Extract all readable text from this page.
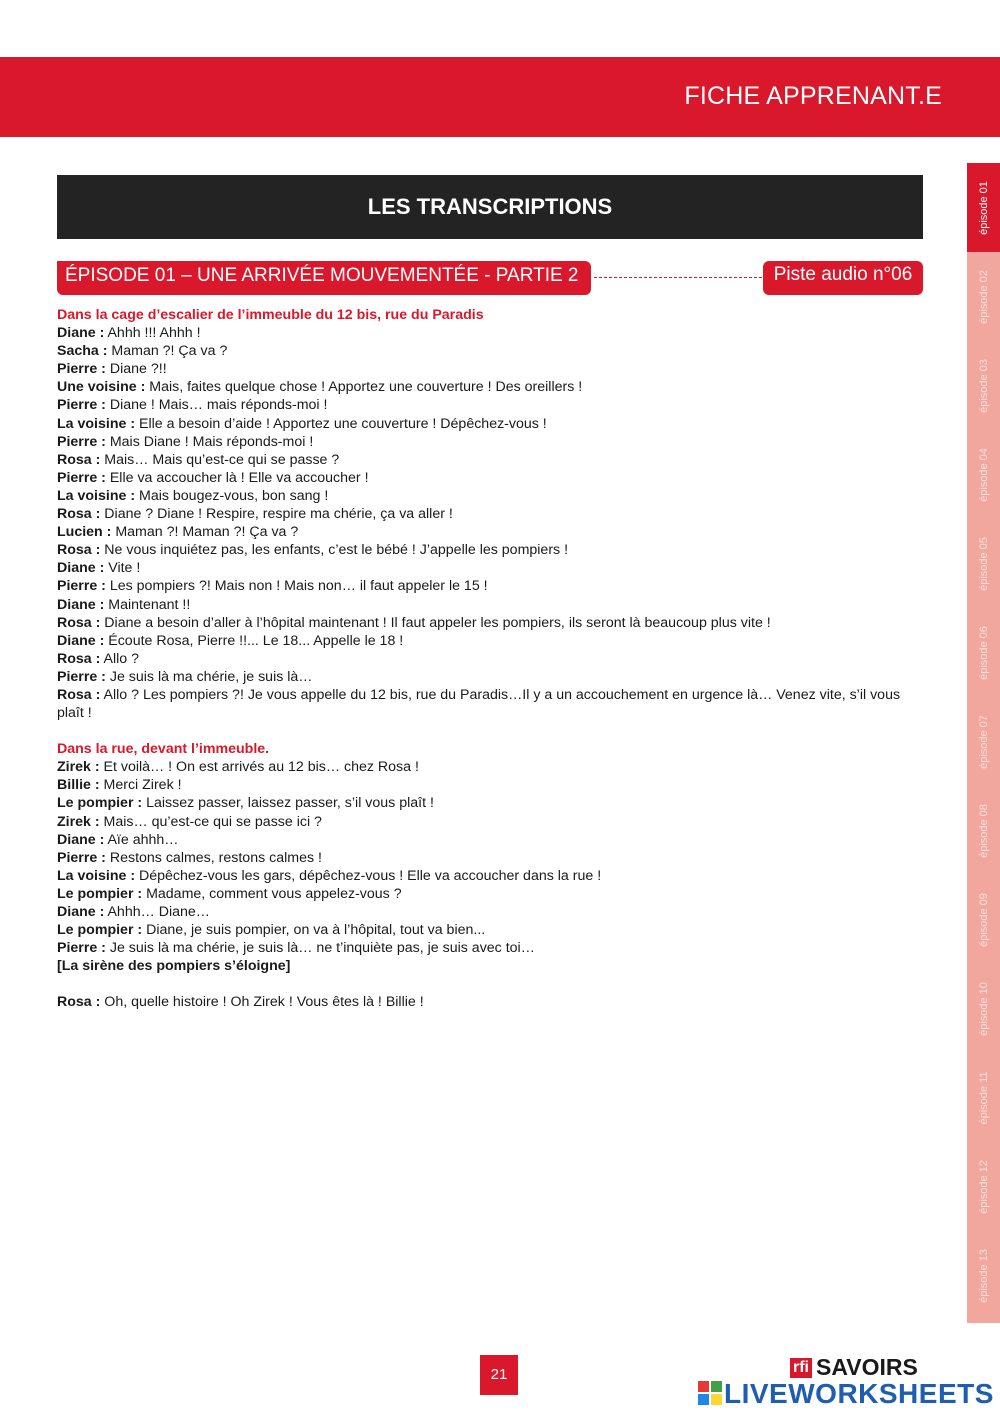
FICHE APPRENANT.E
LES TRANSCRIPTIONS
ÉPISODE 01 – UNE ARRIVÉE MOUVEMENTÉE - PARTIE 2	Piste audio n°06
Dans la cage d’escalier de l’immeuble du 12 bis, rue du Paradis
Diane : Ahhh !!! Ahhh !
Sacha : Maman ?! Ça va ?
Pierre : Diane ?!!
Une voisine : Mais, faites quelque chose ! Apportez une couverture ! Des oreillers !
Pierre : Diane ! Mais… mais réponds-moi !
La voisine : Elle a besoin d’aide ! Apportez une couverture ! Dépêchez-vous !
Pierre : Mais Diane ! Mais réponds-moi !
Rosa : Mais… Mais qu’est-ce qui se passe ?
Pierre : Elle va accoucher là ! Elle va accoucher !
La voisine : Mais bougez-vous, bon sang !
Rosa : Diane ? Diane ! Respire, respire ma chérie, ça va aller !
Lucien : Maman ?! Maman ?! Ça va ?
Rosa : Ne vous inquiétez pas, les enfants, c’est le bébé ! J’appelle les pompiers !
Diane : Vite !
Pierre : Les pompiers ?! Mais non ! Mais non… il faut appeler le 15 !
Diane : Maintenant !!
Rosa : Diane a besoin d’aller à l’hôpital maintenant ! Il faut appeler les pompiers, ils seront là beaucoup plus vite !
Diane : Écoute Rosa, Pierre !!... Le 18... Appelle le 18 !
Rosa : Allo ?
Pierre : Je suis là ma chérie, je suis là…
Rosa : Allo ? Les pompiers ?! Je vous appelle du 12 bis, rue du Paradis…Il y a un accouchement en urgence là… Venez vite, s’il vous plaît !
Dans la rue, devant l’immeuble.
Zirek : Et voilà… ! On est arrivés au 12 bis… chez Rosa !
Billie : Merci Zirek !
Le pompier : Laissez passer, laissez passer, s’il vous plaît !
Zirek : Mais… qu’est-ce qui se passe ici ?
Diane : Aïe ahhh…
Pierre : Restons calmes, restons calmes !
La voisine : Dépêchez-vous les gars, dépêchez-vous ! Elle va accoucher dans la rue !
Le pompier : Madame, comment vous appelez-vous ?
Diane : Ahhh… Diane…
Le pompier : Diane, je suis pompier, on va à l’hôpital, tout va bien...
Pierre : Je suis là ma chérie, je suis là… ne t’inquiète pas, je suis avec toi…
[La sirène des pompiers s’éloigne]
Rosa : Oh, quelle histoire ! Oh Zirek ! Vous êtes là ! Billie !
épisode 01
épisode 02
épisode 03
épisode 04
épisode 05
épisode 06
épisode 07
épisode 08
épisode 09
épisode 10
épisode 11
épisode 12
épisode 13
21	rfi SAVOIRS
LIVEWORKSHEETS
